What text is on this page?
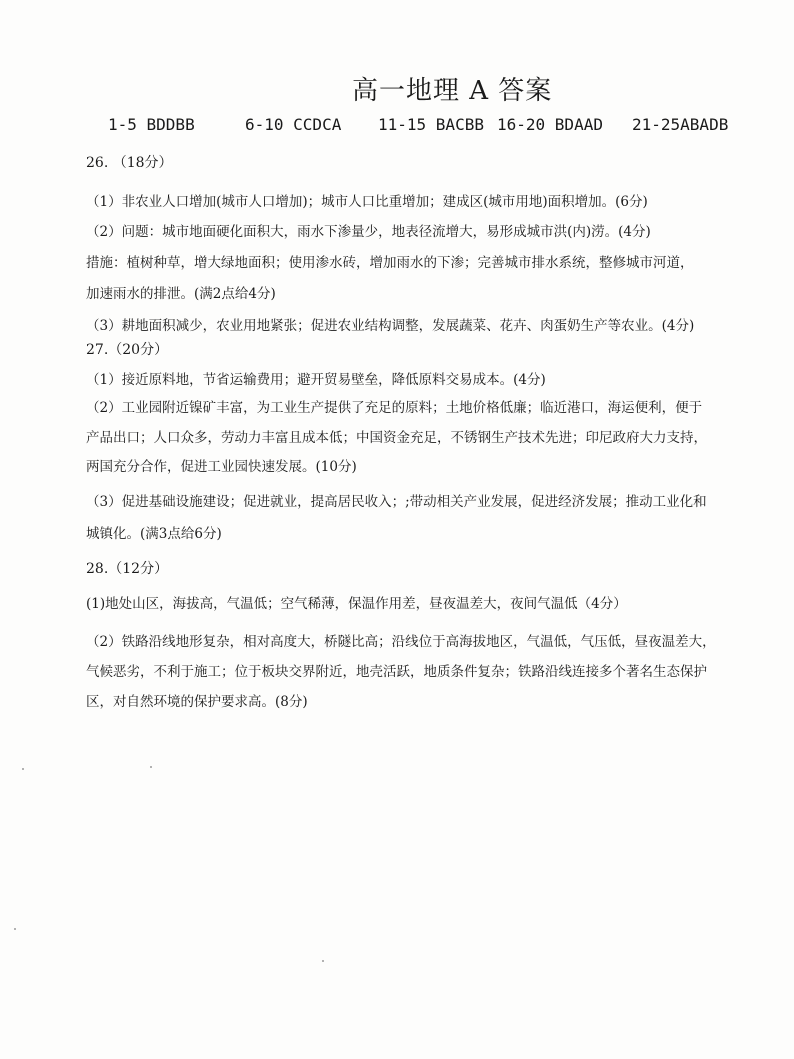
高一地理 A 答案
1-5 BDDBB	6-10 CCDCA 11-15 BACBB 16-20 BDAAD 21-25ABADB
26. （18分）
（1）非农业人口增加(城市人口增加)；城市人口比重增加；建成区(城市用地)面积增加。(6分)
（2）问题：城市地面硬化面积大，雨水下渗量少，地表径流增大，易形成城市洪(内)涝。(4分)
措施：植树种草，增大绿地面积；使用渗水砖，增加雨水的下渗；完善城市排水系统，整修城市河道，
加速雨水的排泄。(满2点给4分)
（3）耕地面积减少，农业用地紧张；促进农业结构调整，发展蔬菜、花卉、肉蛋奶生产等农业。(4分)
27.（20分）
（1）接近原料地，节省运输费用；避开贸易壁垒，降低原料交易成本。(4分)
（2）工业园附近镍矿丰富，为工业生产提供了充足的原料；土地价格低廉；临近港口，海运便利，便于
产品出口；人口众多，劳动力丰富且成本低；中国资金充足，不锈钢生产技术先进；印尼政府大力支持，
两国充分合作，促进工业园快速发展。(10分)
（3）促进基础设施建设；促进就业，提高居民收入；;带动相关产业发展，促进经济发展；推动工业化和
城镇化。(满3点给6分)
28.（12分）
(1)地处山区，海拔高，气温低；空气稀薄，保温作用差，昼夜温差大，夜间气温低（4分）
（2）铁路沿线地形复杂，相对高度大，桥隧比高；沿线位于高海拔地区，气温低，气压低，昼夜温差大，
气候恶劣，不利于施工；位于板块交界附近，地壳活跃，地质条件复杂；铁路沿线连接多个著名生态保护
区，对自然环境的保护要求高。(8分)
